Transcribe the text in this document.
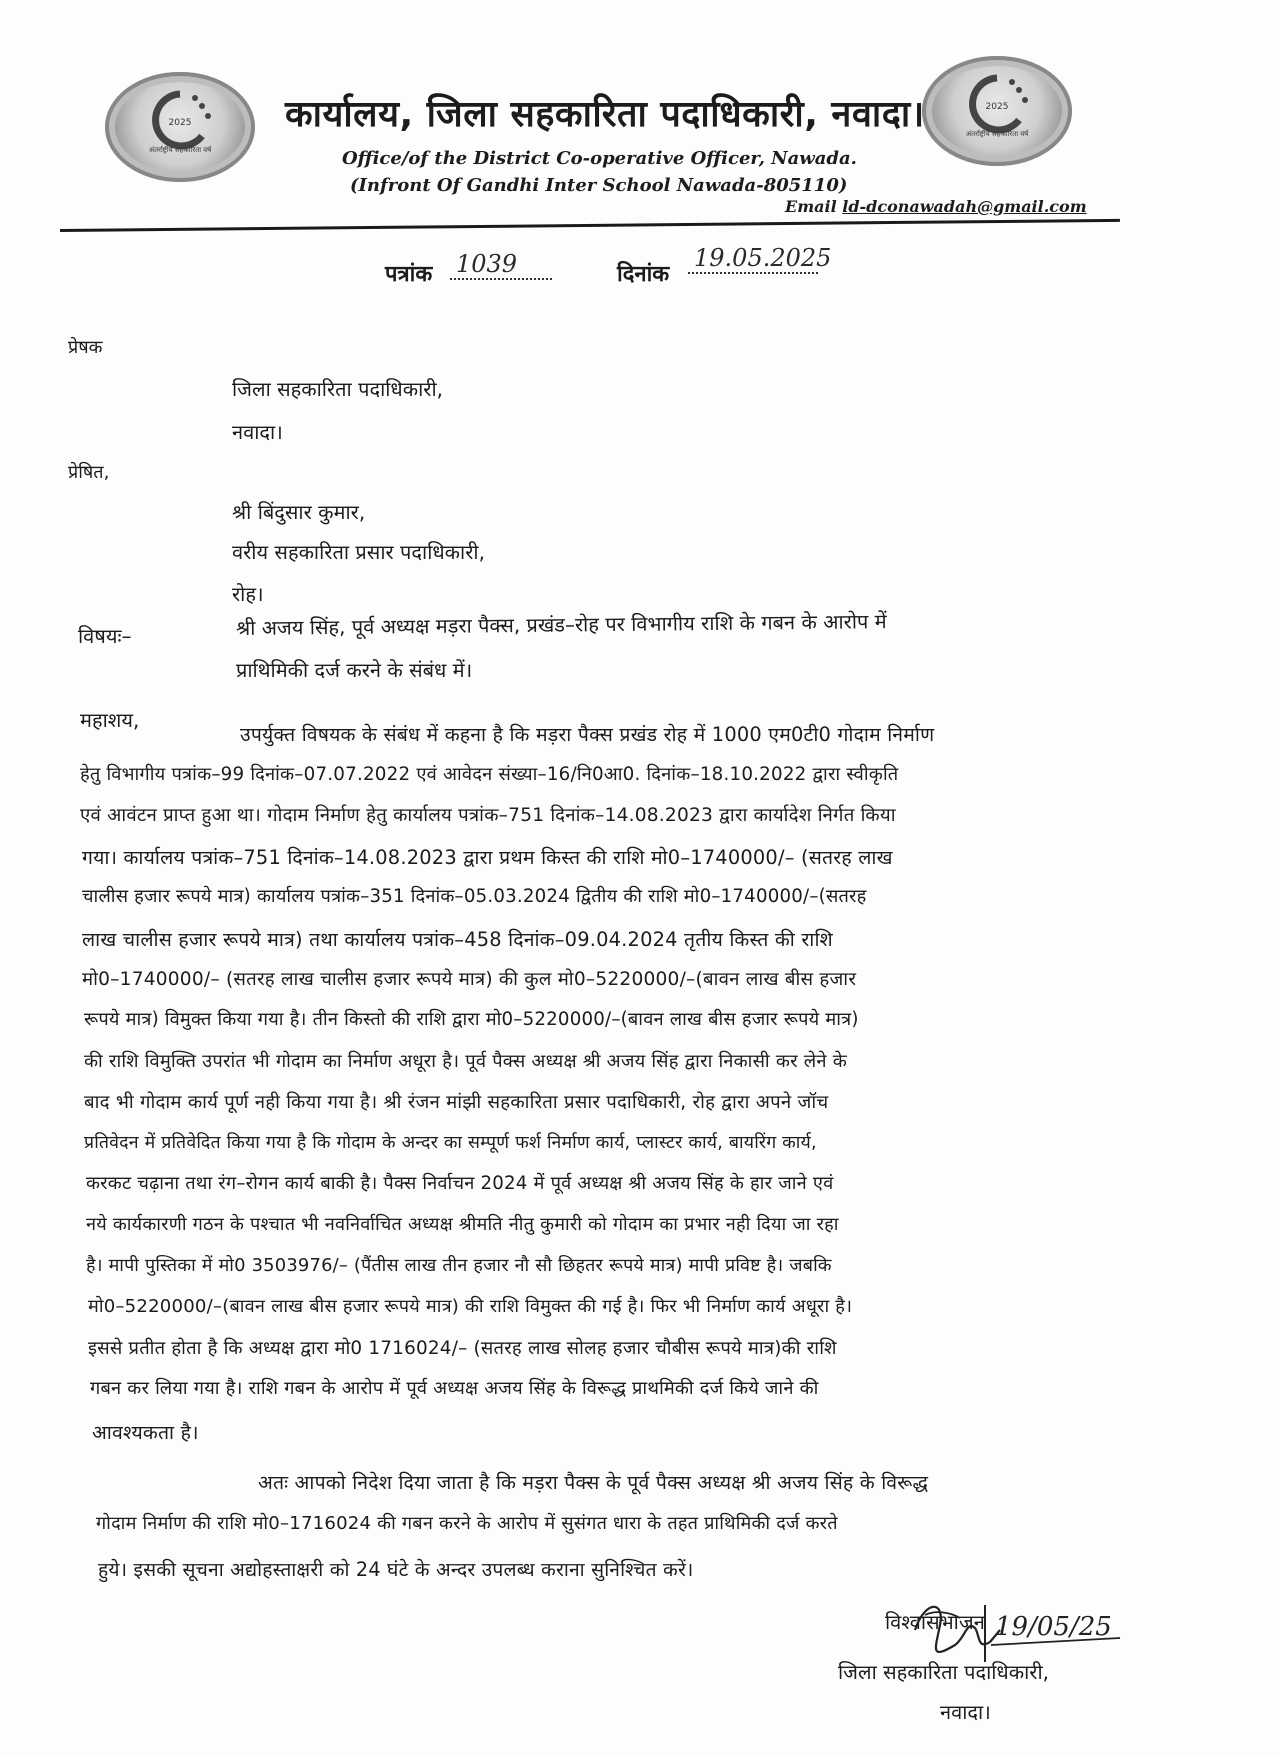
2025
अंतर्राष्ट्रीय सहकारिता वर्ष
2025
अंतर्राष्ट्रीय सहकारिता वर्ष
कार्यालय, जिला सहकारिता पदाधिकारी, नवादा।
Office/of the District Co-operative Officer, Nawada.
(Infront Of Gandhi Inter School Nawada-805110)
Email ld-dconawadah@gmail.com
पत्रांक 1039	दिनांक
19.05.2025
प्रेषक
जिला सहकारिता पदाधिकारी,
नवादा।
प्रेषित,
श्री बिंदुसार कुमार,
वरीय सहकारिता प्रसार पदाधिकारी,
रोह।
विषयः–	श्री अजय सिंह, पूर्व अध्यक्ष मड़रा पैक्स, प्रखंड–रोह पर विभागीय राशि के गबन के आरोप में
प्राथिमिकी दर्ज करने के संबंध में।
महाशय,
उपर्युक्त विषयक के संबंध में कहना है कि मड़रा पैक्स प्रखंड रोह में 1000 एम0टी0 गोदाम निर्माण
हेतु विभागीय पत्रांक–99 दिनांक–07.07.2022 एवं आवेदन संख्या–16/नि0आ0. दिनांक–18.10.2022 द्वारा स्वीकृति
एवं आवंटन प्राप्त हुआ था। गोदाम निर्माण हेतु कार्यालय पत्रांक–751 दिनांक–14.08.2023 द्वारा कार्यादेश निर्गत किया
गया। कार्यालय पत्रांक–751 दिनांक–14.08.2023 द्वारा प्रथम किस्त की राशि मो0–1740000/– (सतरह लाख
चालीस हजार रूपये मात्र) कार्यालय पत्रांक–351 दिनांक–05.03.2024 द्वितीय की राशि मो0–1740000/–(सतरह
लाख चालीस हजार रूपये मात्र) तथा कार्यालय पत्रांक–458 दिनांक–09.04.2024 तृतीय किस्त की राशि
मो0–1740000/– (सतरह लाख चालीस हजार रूपये मात्र) की कुल मो0–5220000/–(बावन लाख बीस हजार
रूपये मात्र) विमुक्त किया गया है। तीन किस्तो की राशि द्वारा मो0–5220000/–(बावन लाख बीस हजार रूपये मात्र)
की राशि विमुक्ति उपरांत भी गोदाम का निर्माण अधूरा है। पूर्व पैक्स अध्यक्ष श्री अजय सिंह द्वारा निकासी कर लेने के
बाद भी गोदाम कार्य पूर्ण नही किया गया है। श्री रंजन मांझी सहकारिता प्रसार पदाधिकारी, रोह द्वारा अपने जॉच
प्रतिवेदन में प्रतिवेदित किया गया है कि गोदाम के अन्दर का सम्पूर्ण फर्श निर्माण कार्य, प्लास्टर कार्य, बायरिंग कार्य,
करकट चढ़ाना तथा रंग–रोगन कार्य बाकी है। पैक्स निर्वाचन 2024 में पूर्व अध्यक्ष श्री अजय सिंह के हार जाने एवं
नये कार्यकारणी गठन के पश्चात भी नवनिर्वाचित अध्यक्ष श्रीमति नीतु कुमारी को गोदाम का प्रभार नही दिया जा रहा
है। मापी पुस्तिका में मो0 3503976/– (पैंतीस लाख तीन हजार नौ सौ छिहतर रूपये मात्र) मापी प्रविष्ट है। जबकि
मो0–5220000/–(बावन लाख बीस हजार रूपये मात्र) की राशि विमुक्त की गई है। फिर भी निर्माण कार्य अधूरा है।
इससे प्रतीत होता है कि अध्यक्ष द्वारा मो0 1716024/– (सतरह लाख सोलह हजार चौबीस रूपये मात्र)की राशि
गबन कर लिया गया है। राशि गबन के आरोप में पूर्व अध्यक्ष अजय सिंह के विरूद्ध प्राथमिकी दर्ज किये जाने की
आवश्यकता है।
अतः आपको निदेश दिया जाता है कि मड़रा पैक्स के पूर्व पैक्स अध्यक्ष श्री अजय सिंह के विरूद्ध
गोदाम निर्माण की राशि मो0–1716024 की गबन करने के आरोप में सुसंगत धारा के तहत प्राथिमिकी दर्ज करते
हुये। इसकी सूचना अद्योहस्ताक्षरी को 24 घंटे के अन्दर उपलब्ध कराना सुनिश्चित करें।
विश्वासभाजन 19/05/25
जिला सहकारिता पदाधिकारी,
नवादा।
